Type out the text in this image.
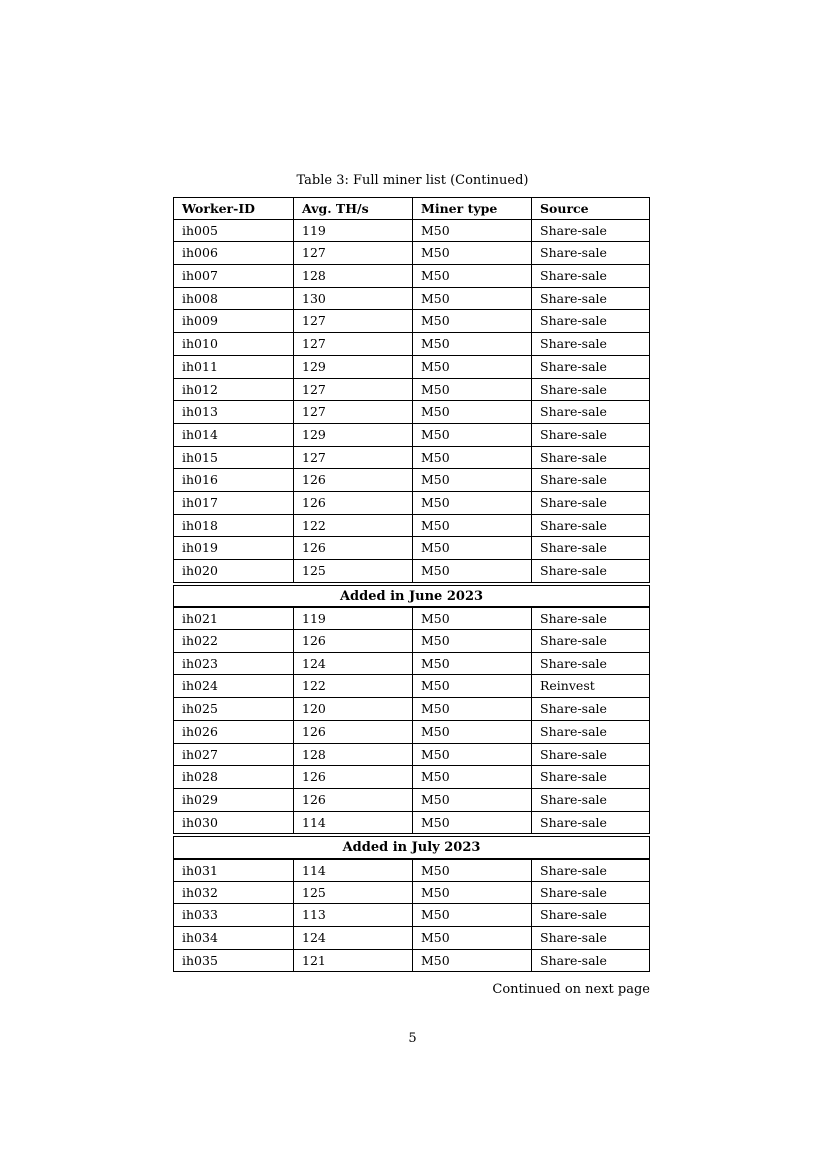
Table 3: Full miner list (Continued)
Worker-ID	Avg. TH/s	Miner type	Source
ih005	119	M50	Share-sale
ih006	127	M50	Share-sale
ih007	128	M50	Share-sale
ih008	130	M50	Share-sale
ih009	127	M50	Share-sale
ih010	127	M50	Share-sale
ih011	129	M50	Share-sale
ih012	127	M50	Share-sale
ih013	127	M50	Share-sale
ih014	129	M50	Share-sale
ih015	127	M50	Share-sale
ih016	126	M50	Share-sale
ih017	126	M50	Share-sale
ih018	122	M50	Share-sale
ih019	126	M50	Share-sale
ih020	125	M50	Share-sale
Added in June 2023
ih021	119	M50	Share-sale
ih022	126	M50	Share-sale
ih023	124	M50	Share-sale
ih024	122	M50	Reinvest
ih025	120	M50	Share-sale
ih026	126	M50	Share-sale
ih027	128	M50	Share-sale
ih028	126	M50	Share-sale
ih029	126	M50	Share-sale
ih030	114	M50	Share-sale
Added in July 2023
ih031	114	M50	Share-sale
ih032	125	M50	Share-sale
ih033	113	M50	Share-sale
ih034	124	M50	Share-sale
ih035	121	M50	Share-sale
Continued on next page
5
